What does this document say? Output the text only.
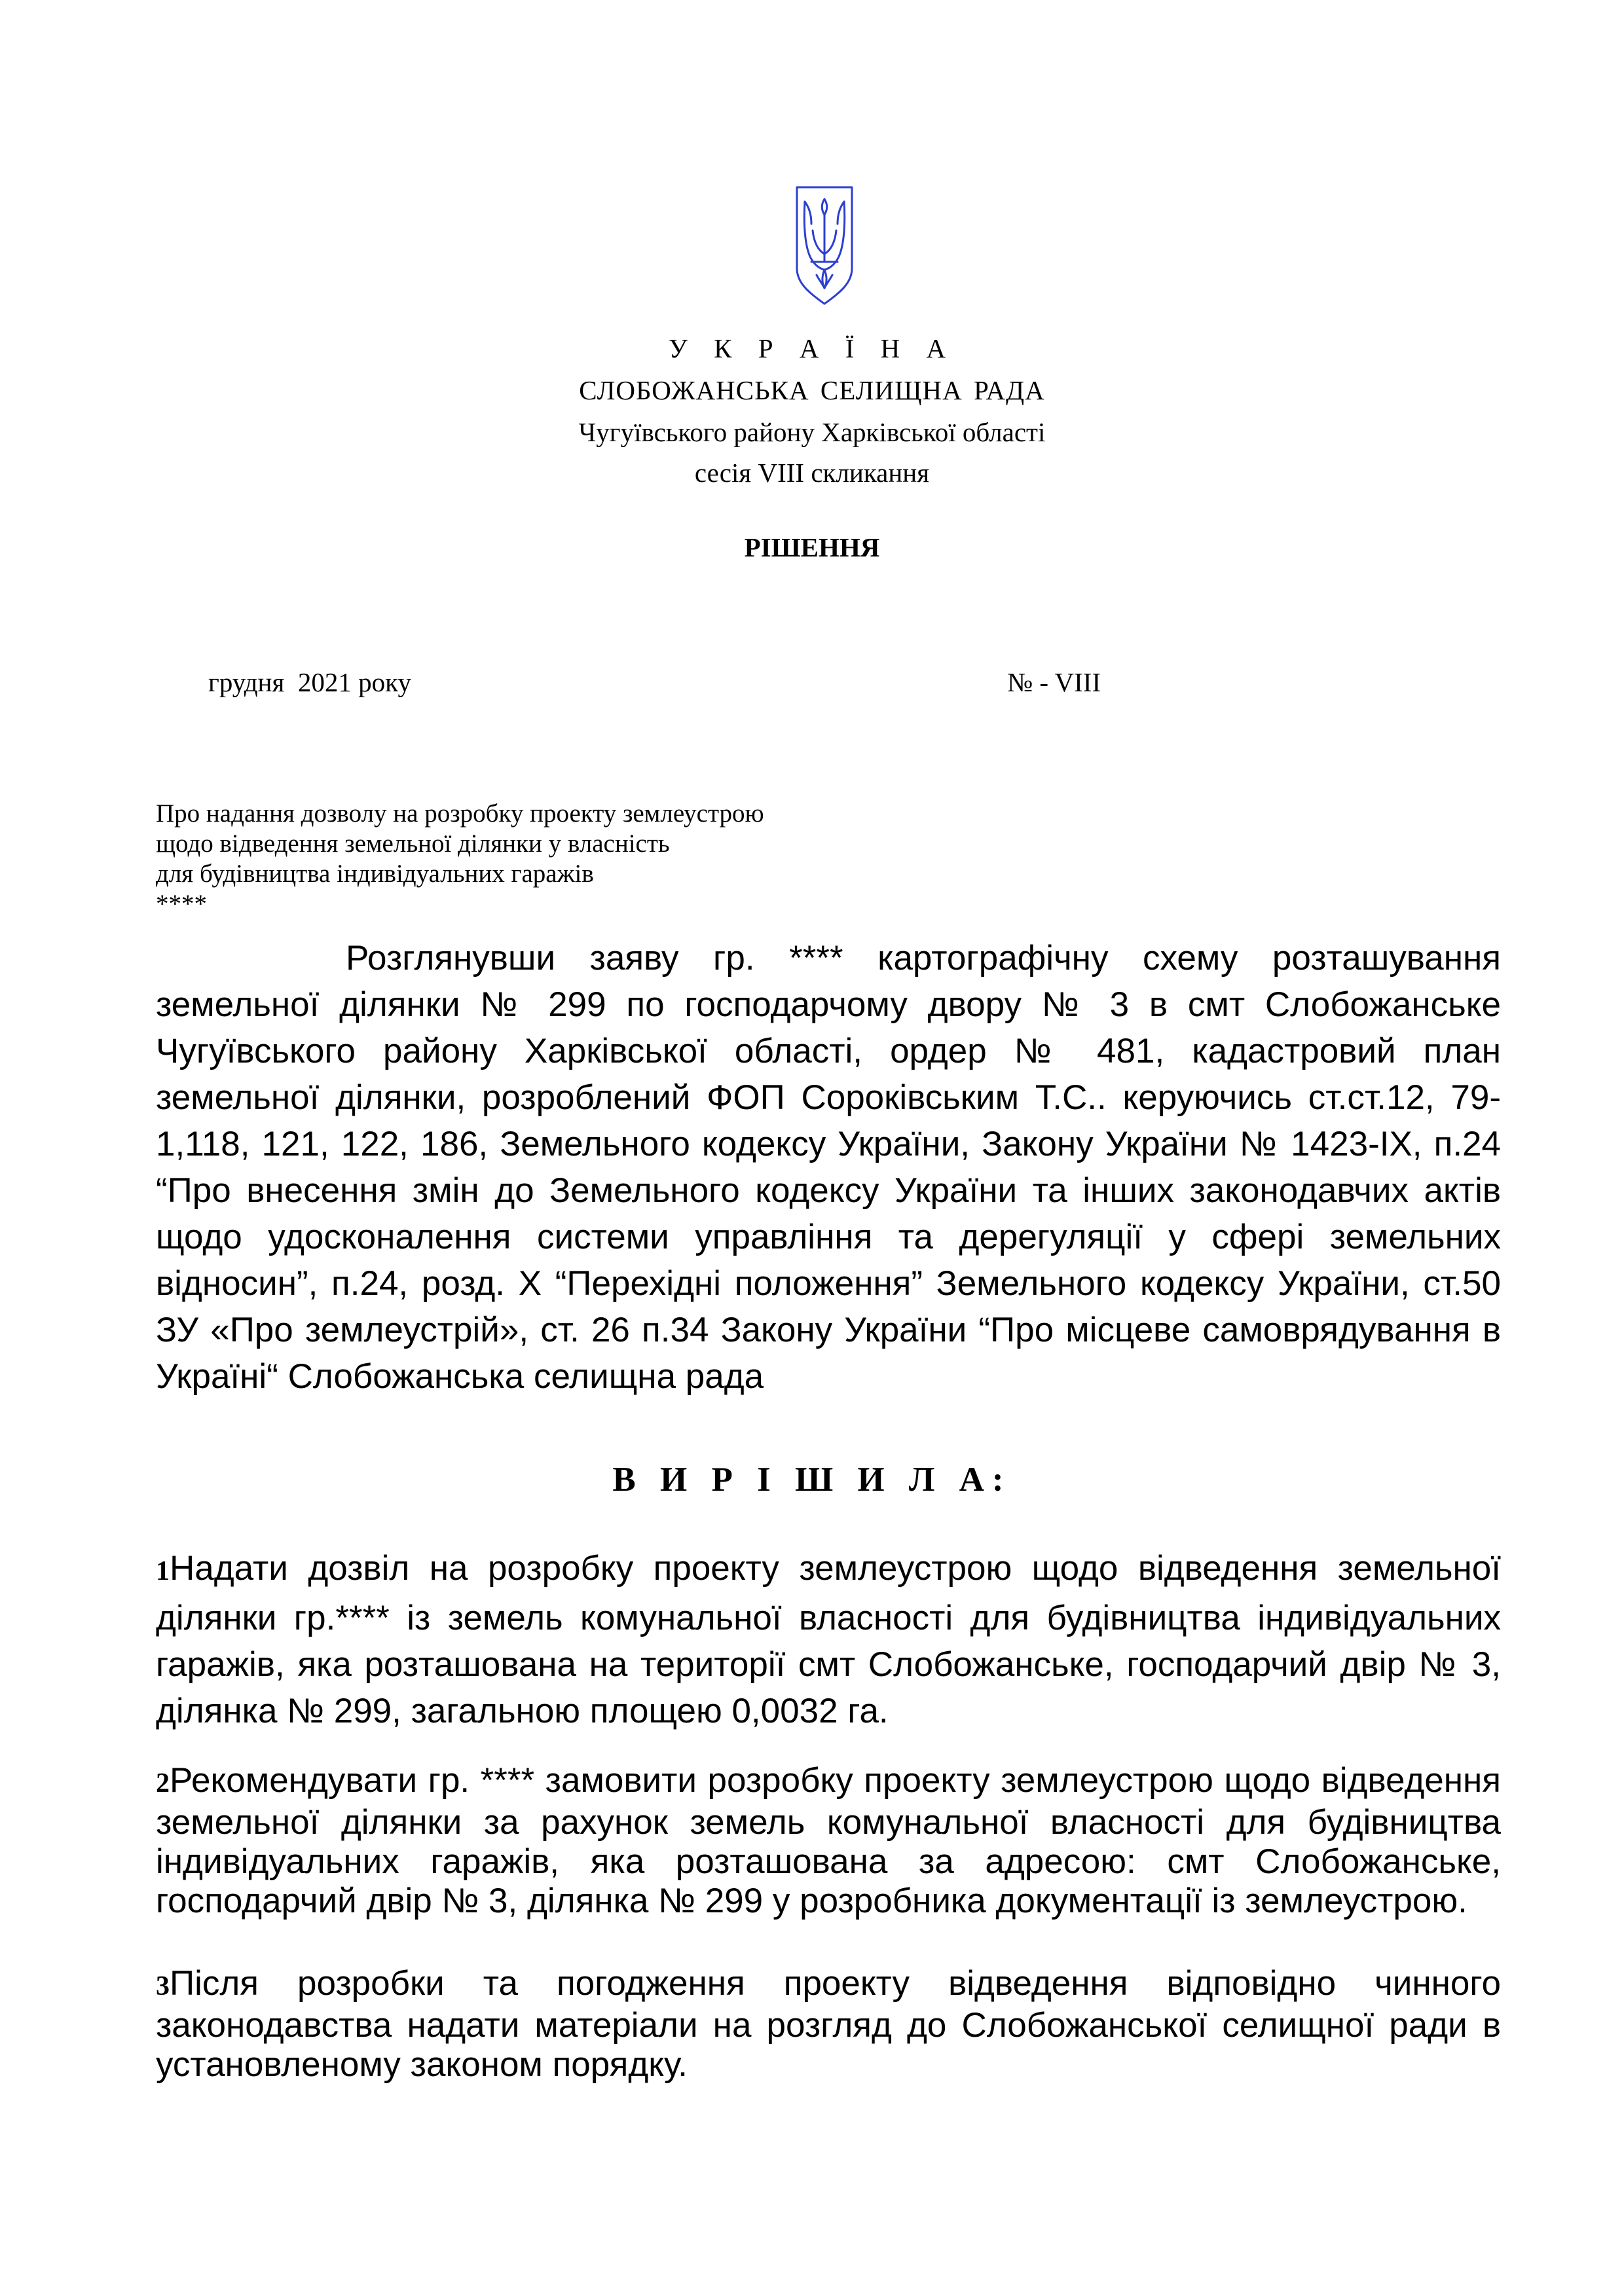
У К Р А Ї Н А
СЛОБОЖАНСЬКА СЕЛИЩНА РАДА
Чугуївського району Харківської області
сесія VIII скликання
РІШЕННЯ
грудня  2021 року	№ - VIII
Про надання дозволу на розробку проекту землеустрою
щодо відведення земельної ділянки у власність
для будівництва індивідуальних гаражів
****
Розглянувши заяву гр. **** картографічну схему розташування земельної ділянки № 299 по господарчому двору № 3 в смт Слобожанське Чугуївського району Харківської області, ордер № 481, кадастровий план земельної ділянки, розроблений ФОП Сороківським Т.С.. керуючись ст.ст.12, 79-1,118, 121, 122, 186, Земельного кодексу України, Закону України № 1423-IX, п.24 “Про внесення змін до Земельного кодексу України та інших законодавчих актів щодо удосконалення системи управління та дерегуляції у сфері земельних відносин”, п.24, розд. Х “Перехідні положення” Земельного кодексу України, ст.50 ЗУ «Про землеустрій», ст. 26 п.34 Закону України “Про місцеве самоврядування в Україні“ Слобожанська селищна рада
В И Р І Ш И Л А:
1Надати дозвіл на розробку проекту землеустрою щодо відведення земельної ділянки гр.**** із земель комунальної власності для будівництва індивідуальних гаражів, яка розташована на території смт Слобожанське, господарчий двір № 3, ділянка № 299, загальною площею 0,0032 га.
2Рекомендувати гр. **** замовити розробку проекту землеустрою щодо відведення земельної ділянки за рахунок земель комунальної власності для будівництва індивідуальних гаражів, яка розташована за адресою: смт Слобожанське, господарчий двір № 3, ділянка № 299 у розробника документації із землеустрою.
3Після розробки та погодження проекту відведення відповідно чинного законодавства надати матеріали на розгляд до Слобожанської селищної ради в установленому законом порядку.
